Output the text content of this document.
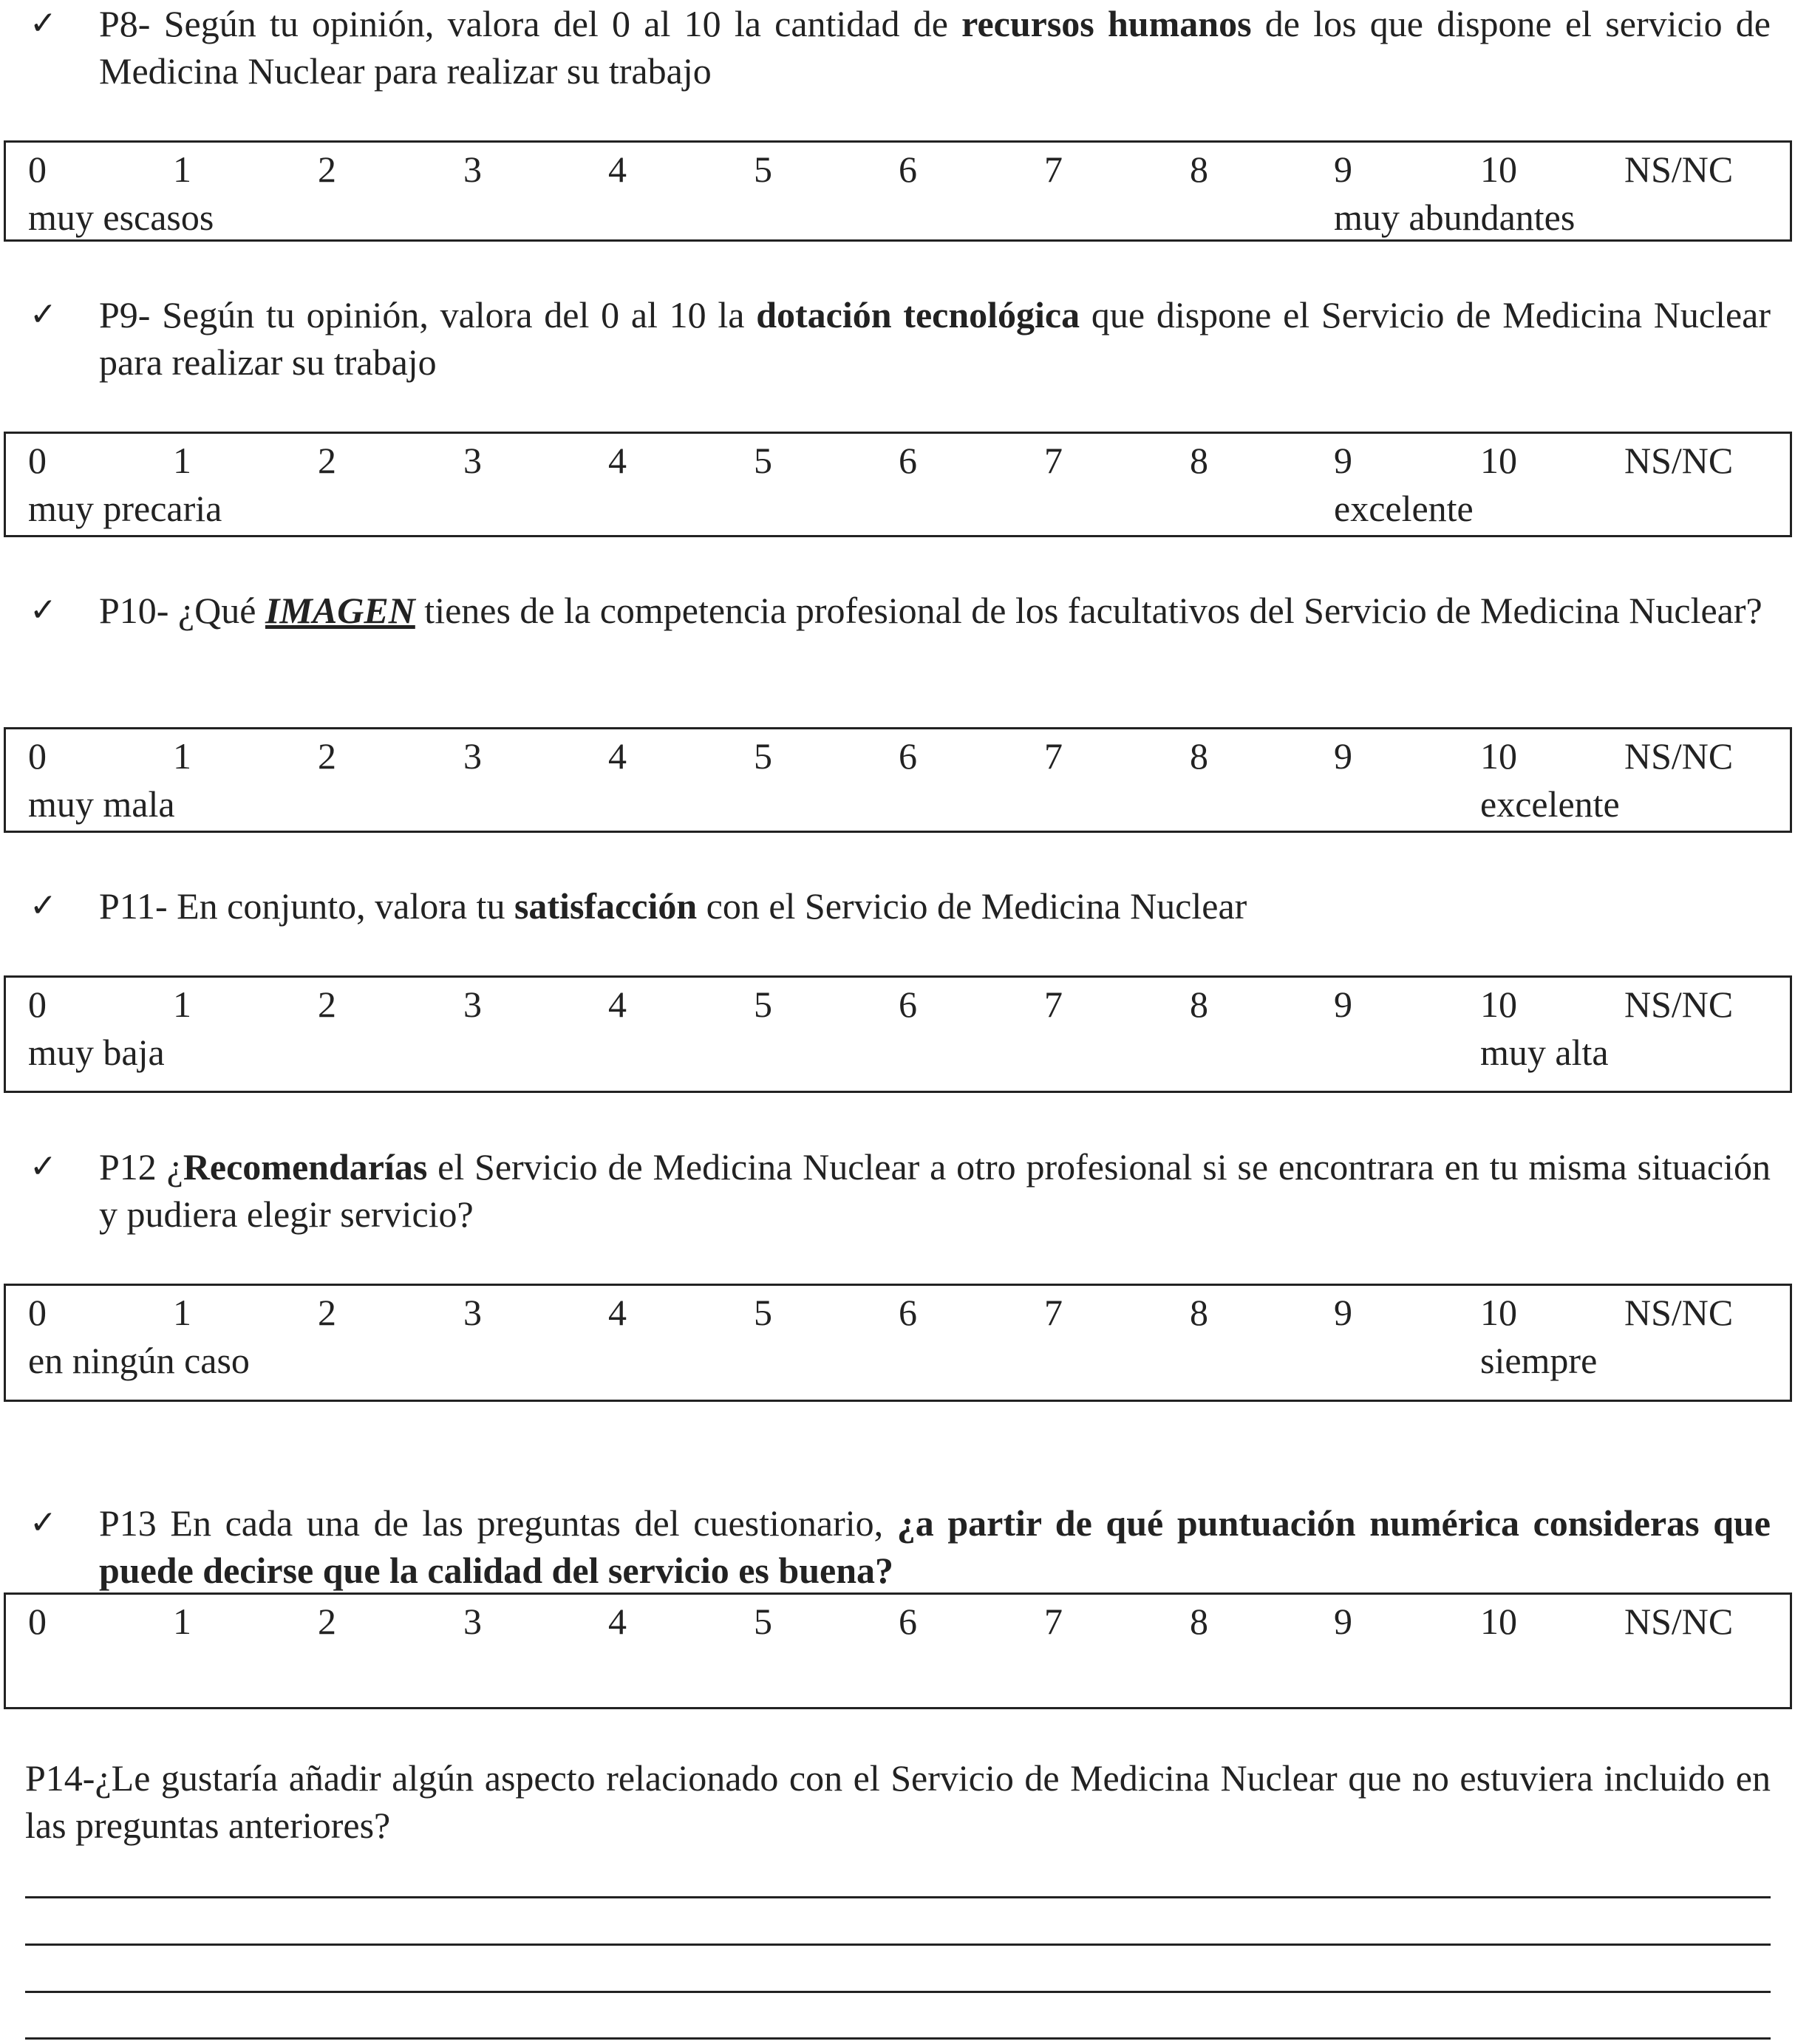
✓ P8- Según tu opinión, valora del 0 al 10 la cantidad de recursos humanos de los que dispone el servicio de Medicina Nuclear para realizar su trabajo
0	1	2	3	4	5	6	7	8	9	10	NS/NC
muy escasos	muy abundantes
✓ P9- Según tu opinión, valora del 0 al 10 la dotación tecnológica que dispone el Servicio de Medicina Nuclear para realizar su trabajo
0	1	2	3	4	5	6	7	8	9	10	NS/NC
muy precaria	excelente
✓ P10- ¿Qué IMAGEN tienes de la competencia profesional de los facultativos del Servicio de Medicina Nuclear?
0	1	2	3	4	5	6	7	8	9	10	NS/NC
muy mala	excelente
✓ P11- En conjunto, valora tu satisfacción con el Servicio de Medicina Nuclear
0	1	2	3	4	5	6	7	8	9	10	NS/NC
muy baja	muy alta
✓ P12 ¿Recomendarías el Servicio de Medicina Nuclear a otro profesional si se encontrara en tu misma situación y pudiera elegir servicio?
0	1	2	3	4	5	6	7	8	9	10	NS/NC
en ningún caso	siempre
✓ P13 En cada una de las preguntas del cuestionario, ¿a partir de qué puntuación numérica consideras que puede decirse que la calidad del servicio es buena?
0	1	2	3	4	5	6	7	8	9	10	NS/NC
P14-¿Le gustaría añadir algún aspecto relacionado con el Servicio de Medicina Nuclear que no estuviera incluido en las preguntas anteriores?
